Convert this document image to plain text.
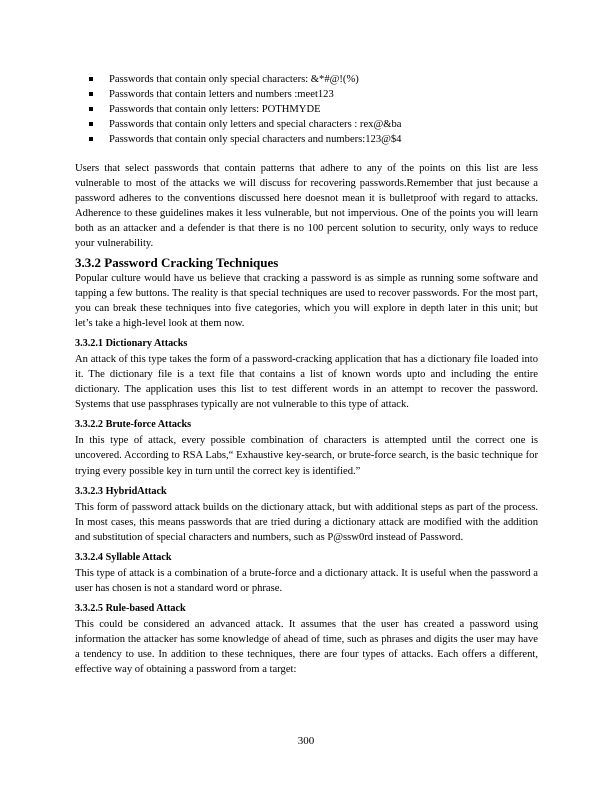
Passwords that contain only special characters: &*#@!(%)
Passwords that contain letters and numbers :meet123
Passwords that contain only letters: POTHMYDE
Passwords that contain only letters and special characters : rex@&ba
Passwords that contain only special characters and numbers:123@$4

Users that select passwords that contain patterns that adhere to any of the points on this list are less vulnerable to most of the attacks we will discuss for recovering passwords.Remember that just because a password adheres to the conventions discussed here doesnot mean it is bulletproof with regard to attacks. Adherence to these guidelines makes it less vulnerable, but not impervious. One of the points you will learn both as an attacker and a defender is that there is no 100 percent solution to security, only ways to reduce your vulnerability.

3.3.2 Password Cracking Techniques

Popular culture would have us believe that cracking a password is as simple as running some software and tapping a few buttons. The reality is that special techniques are used to recover passwords. For the most part, you can break these techniques into five categories, which you will explore in depth later in this unit; but let’s take a high-level look at them now.

3.3.2.1 Dictionary Attacks

An attack of this type takes the form of a password-cracking application that has a dictionary file loaded into it. The dictionary file is a text file that contains a list of known words upto and including the entire dictionary. The application uses this list to test different words in an attempt to recover the password. Systems that use passphrases typically are not vulnerable to this type of attack.

3.3.2.2 Brute-force Attacks

In this type of attack, every possible combination of characters is attempted until the correct one is uncovered. According to RSA Labs,“ Exhaustive key-search, or brute-force search, is the basic technique for trying every possible key in turn until the correct key is identified.”

3.3.2.3 HybridAttack

This form of password attack builds on the dictionary attack, but with additional steps as part of the process. In most cases, this means passwords that are tried during a dictionary attack are modified with the addition and substitution of special characters and numbers, such as P@ssw0rd instead of Password.

3.3.2.4 Syllable Attack

This type of attack is a combination of a brute-force and a dictionary attack. It is useful when the password a user has chosen is not a standard word or phrase.

3.3.2.5 Rule-based Attack

This could be considered an advanced attack. It assumes that the user has created a password using information the attacker has some knowledge of ahead of time, such as phrases and digits the user may have a tendency to use. In addition to these techniques, there are four types of attacks. Each offers a different, effective way of obtaining a password from a target:

300
